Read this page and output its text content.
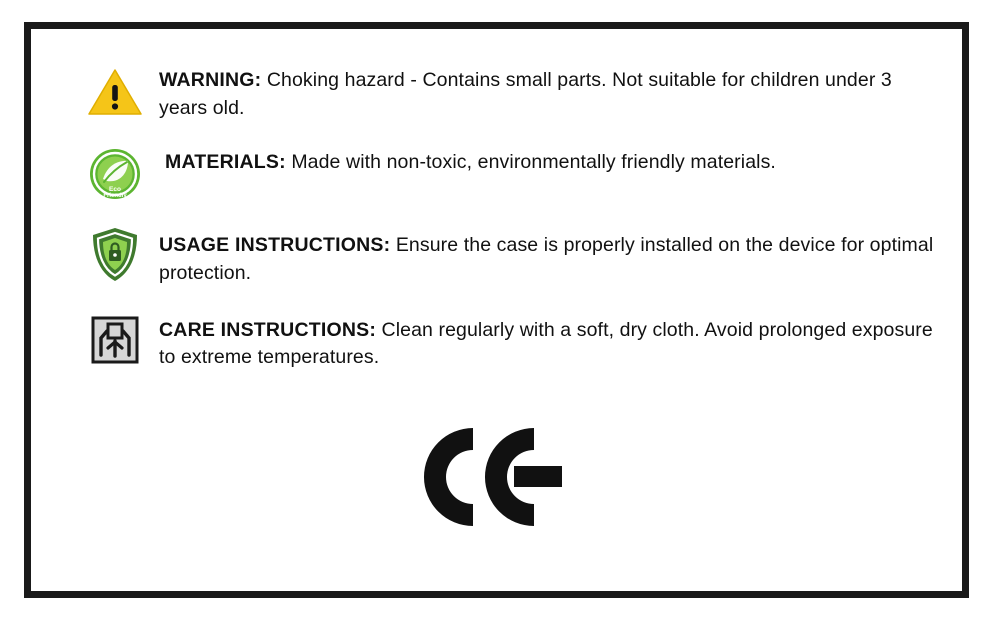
WARNING: Choking hazard - Contains small parts. Not suitable for children under 3 years old.
Eco
Friendly
MATERIALS: Made with non-toxic, environmentally friendly materials.
USAGE INSTRUCTIONS: Ensure the case is properly installed on the device for optimal protection.
CARE INSTRUCTIONS: Clean regularly with a soft, dry cloth. Avoid prolonged exposure to extreme temperatures.
